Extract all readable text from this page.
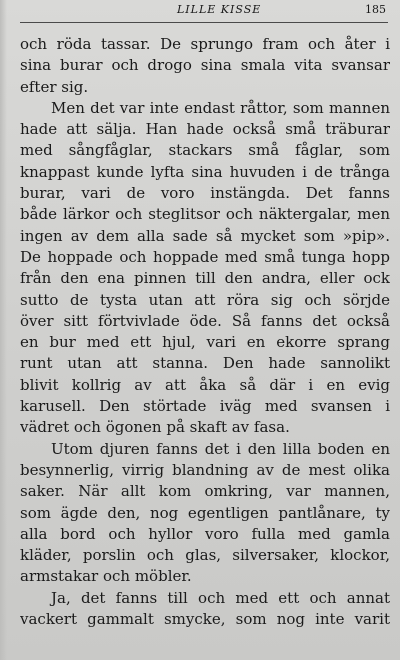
LILLE KISSE	185
och röda tassar. De sprungo fram och åter i
sina burar och drogo sina smala vita svansar
efter sig.
Men det var inte endast råttor, som mannen
hade att sälja. Han hade också små träburar
med sångfåglar, stackars små fåglar, som
knappast kunde lyfta sina huvuden i de trånga
burar, vari de voro instängda. Det fanns
både lärkor och steglitsor och näktergalar, men
ingen av dem alla sade så mycket som »pip».
De hoppade och hoppade med små tunga hopp
från den ena pinnen till den andra, eller ock
sutto de tysta utan att röra sig och sörjde
över sitt förtvivlade öde. Så fanns det också
en bur med ett hjul, vari en ekorre sprang
runt utan att stanna. Den hade sannolikt
blivit kollrig av att åka så där i en evig
karusell. Den störtade iväg med svansen i
vädret och ögonen på skaft av fasa.
Utom djuren fanns det i den lilla boden en
besynnerlig, virrig blandning av de mest olika
saker. När allt kom omkring, var mannen,
som ägde den, nog egentligen pantlånare, ty
alla bord och hyllor voro fulla med gamla
kläder, porslin och glas, silversaker, klockor,
armstakar och möbler.
Ja, det fanns till och med ett och annat
vackert gammalt smycke, som nog inte varit
